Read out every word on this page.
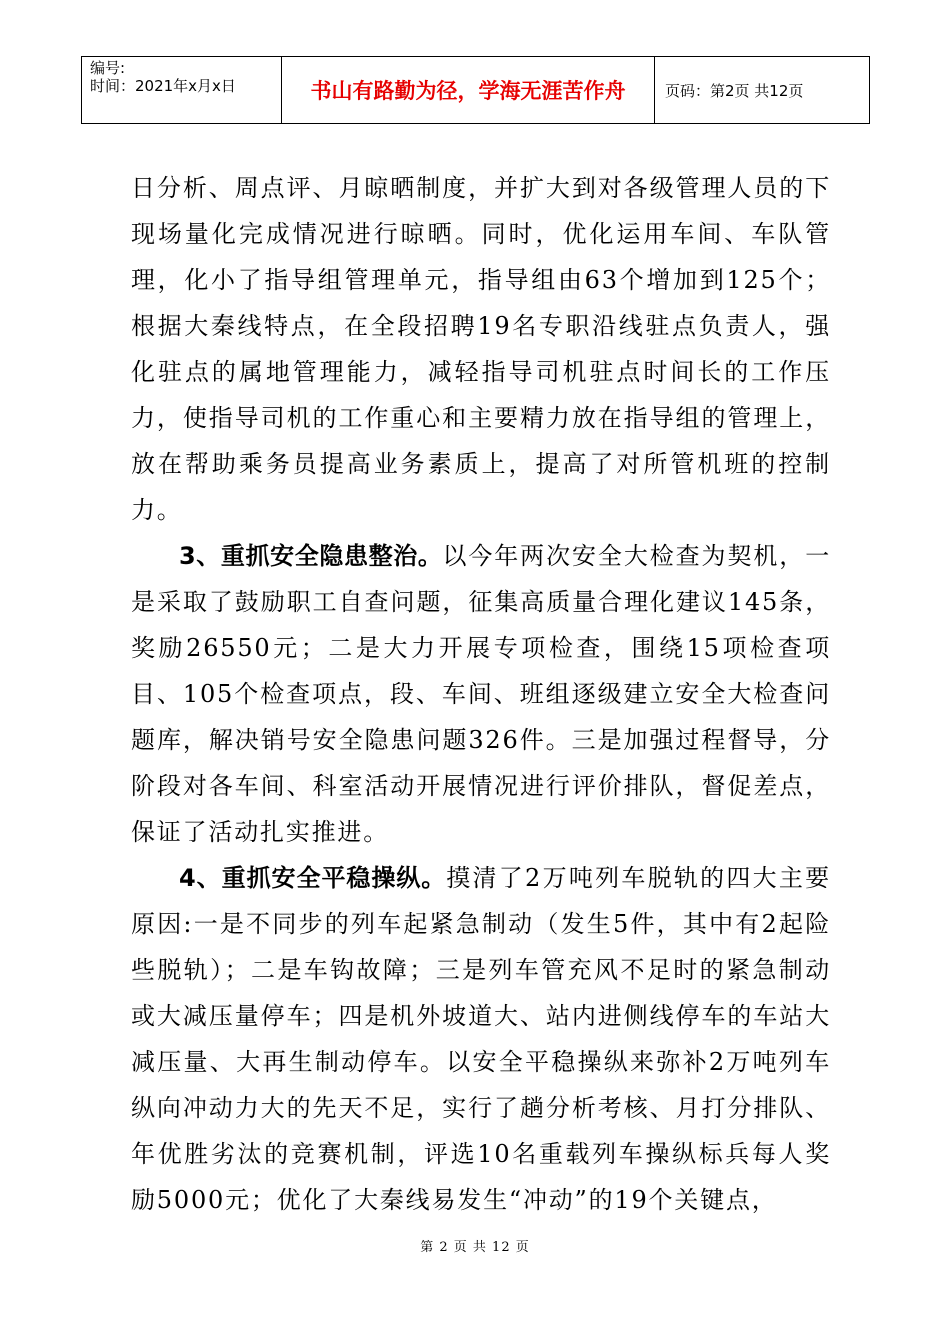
编号:
时间：2021年x月x日	书山有路勤为径，学海无涯苦作舟	页码：第2页 共12页

日分析、周点评、月晾晒制度，并扩大到对各级管理人员的下现场量化完成情况进行晾晒。同时，优化运用车间、车队管理，化小了指导组管理单元，指导组由63个增加到125个；根据大秦线特点，在全段招聘19名专职沿线驻点负责人，强化驻点的属地管理能力，减轻指导司机驻点时间长的工作压力，使指导司机的工作重心和主要精力放在指导组的管理上，放在帮助乘务员提高业务素质上，提高了对所管机班的控制力。

3、重抓安全隐患整治。以今年两次安全大检查为契机，一是采取了鼓励职工自查问题，征集高质量合理化建议145条，奖励26550元；二是大力开展专项检查，围绕15项检查项目、105个检查项点，段、车间、班组逐级建立安全大检查问题库，解决销号安全隐患问题326件。三是加强过程督导，分阶段对各车间、科室活动开展情况进行评价排队，督促差点，保证了活动扎实推进。

4、重抓安全平稳操纵。摸清了2万吨列车脱轨的四大主要原因:一是不同步的列车起紧急制动（发生5件，其中有2起险些脱轨）；二是车钩故障；三是列车管充风不足时的紧急制动或大减压量停车；四是机外坡道大、站内进侧线停车的车站大减压量、大再生制动停车。以安全平稳操纵来弥补2万吨列车纵向冲动力大的先天不足，实行了趟分析考核、月打分排队、年优胜劣汰的竞赛机制，评选10名重载列车操纵标兵每人奖励5000元；优化了大秦线易发生“冲动”的19个关键点，

第 2 页 共 12 页
